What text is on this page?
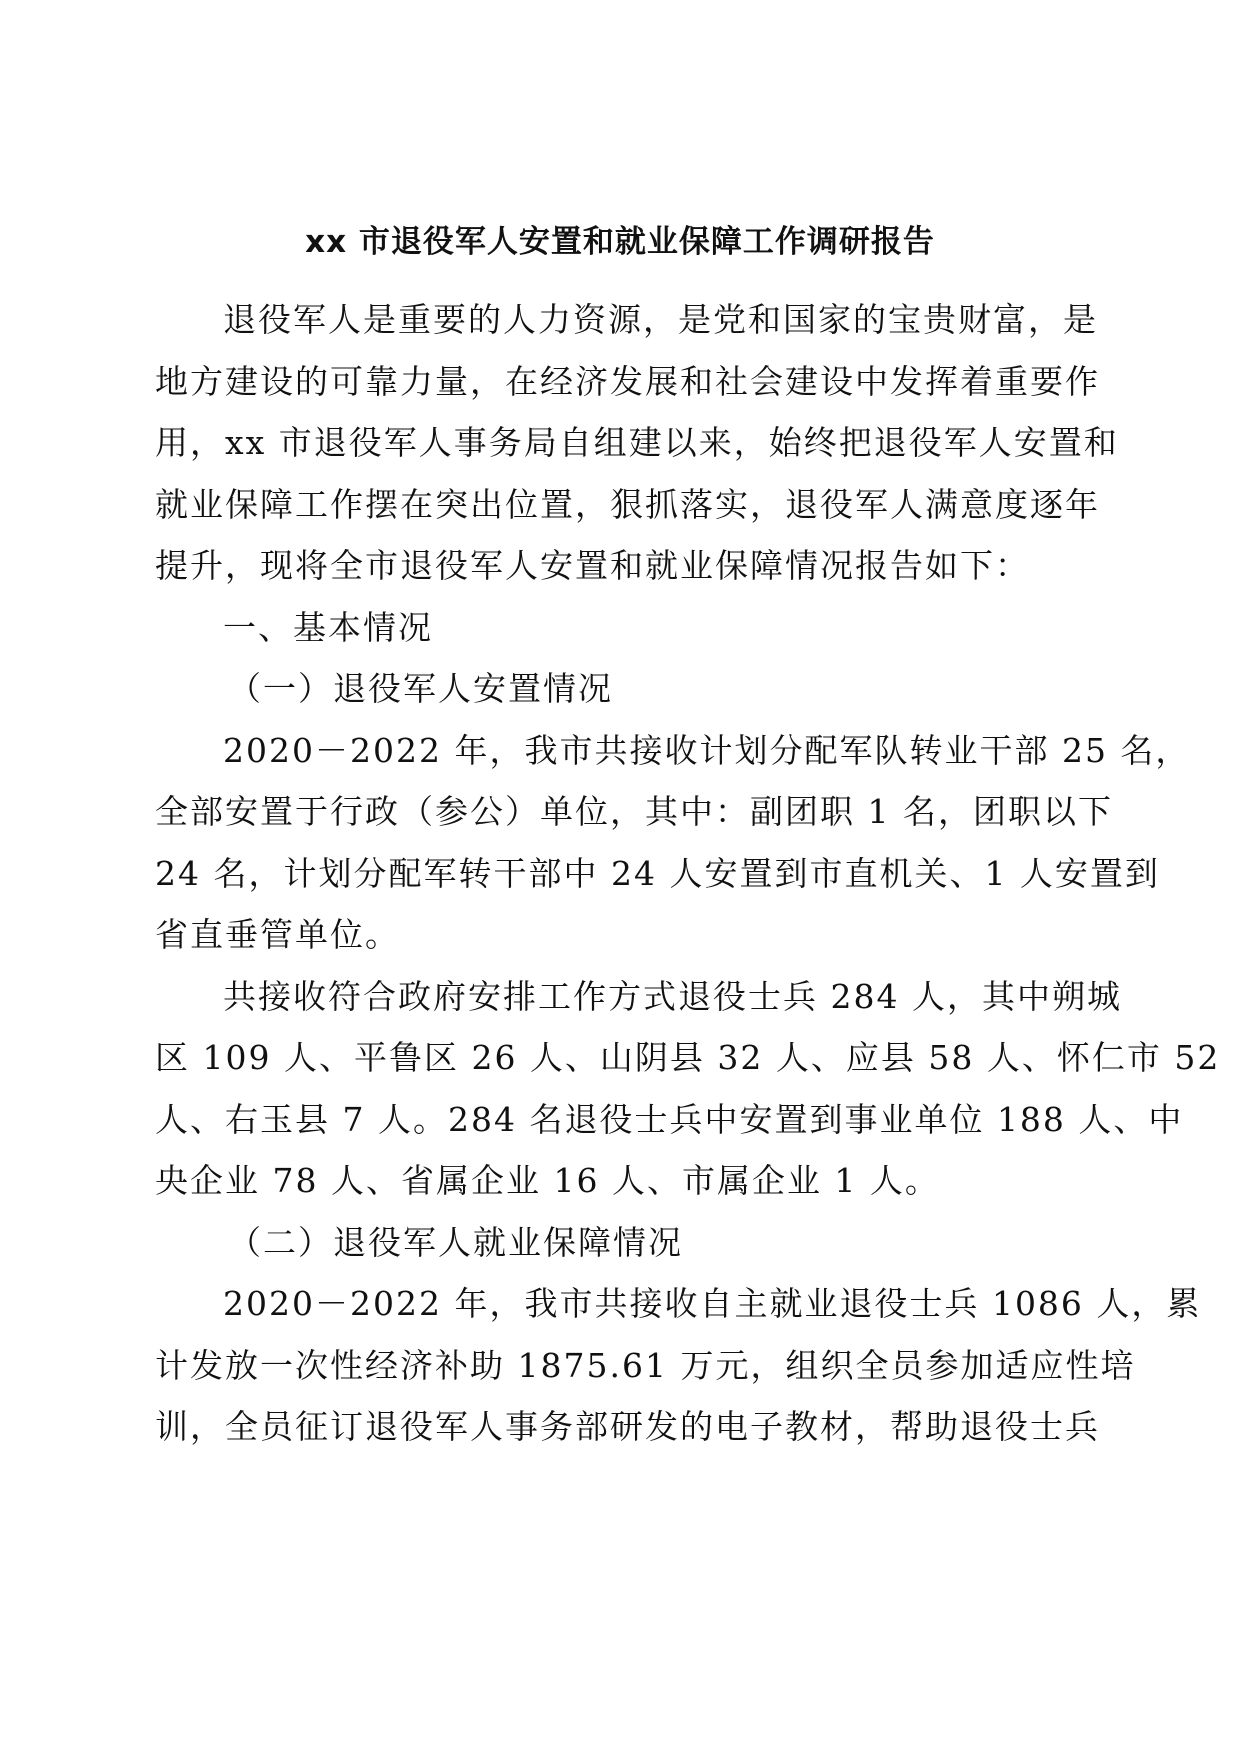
xx 市退役军人安置和就业保障工作调研报告
退役军人是重要的人力资源，是党和国家的宝贵财富，是
地方建设的可靠力量，在经济发展和社会建设中发挥着重要作
用，xx 市退役军人事务局自组建以来，始终把退役军人安置和
就业保障工作摆在突出位置，狠抓落实，退役军人满意度逐年
提升，现将全市退役军人安置和就业保障情况报告如下：
一、基本情况
（一）退役军人安置情况
2020－2022 年，我市共接收计划分配军队转业干部 25 名，
全部安置于行政（参公）单位，其中：副团职 1 名，团职以下
24 名，计划分配军转干部中 24 人安置到市直机关、1 人安置到
省直垂管单位。
共接收符合政府安排工作方式退役士兵 284 人，其中朔城
区 109 人、平鲁区 26 人、山阴县 32 人、应县 58 人、怀仁市 52
人、右玉县 7 人。284 名退役士兵中安置到事业单位 188 人、中
央企业 78 人、省属企业 16 人、市属企业 1 人。
（二）退役军人就业保障情况
2020－2022 年，我市共接收自主就业退役士兵 1086 人，累
计发放一次性经济补助 1875.61 万元，组织全员参加适应性培
训，全员征订退役军人事务部研发的电子教材，帮助退役士兵
